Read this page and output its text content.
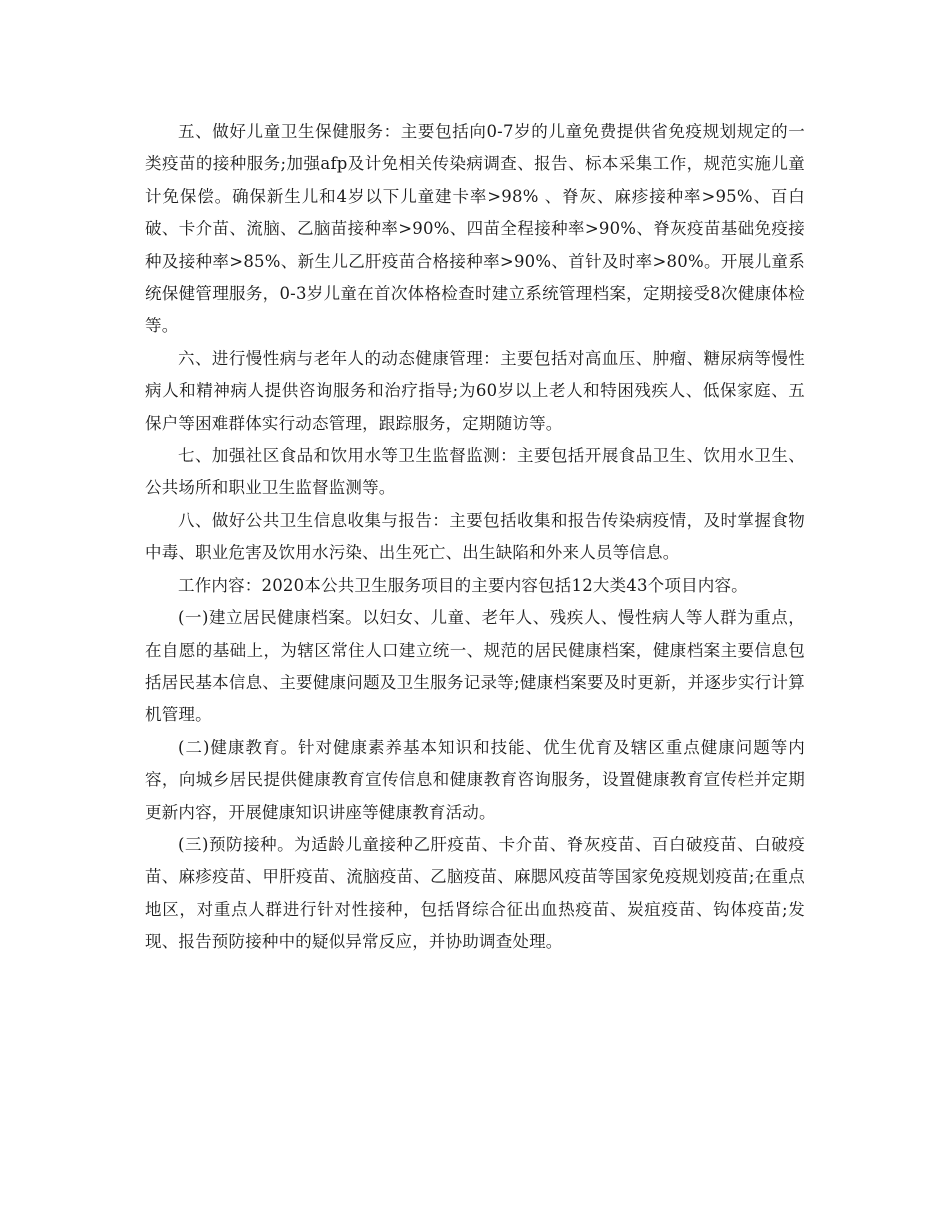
五、做好儿童卫生保健服务：主要包括向0-7岁的儿童免费提供省免疫规划规定的一类疫苗的接种服务;加强afp及计免相关传染病调查、报告、标本采集工作，规范实施儿童计免保偿。确保新生儿和4岁以下儿童建卡率>98% 、脊灰、麻疹接种率>95%、百白破、卡介苗、流脑、乙脑苗接种率>90%、四苗全程接种率>90%、脊灰疫苗基础免疫接种及接种率>85%、新生儿乙肝疫苗合格接种率>90%、首针及时率>80%。开展儿童系统保健管理服务，0-3岁儿童在首次体格检查时建立系统管理档案，定期接受8次健康体检等。

六、进行慢性病与老年人的动态健康管理：主要包括对高血压、肿瘤、糖尿病等慢性病人和精神病人提供咨询服务和治疗指导;为60岁以上老人和特困残疾人、低保家庭、五保户等困难群体实行动态管理，跟踪服务，定期随访等。

七、加强社区食品和饮用水等卫生监督监测：主要包括开展食品卫生、饮用水卫生、公共场所和职业卫生监督监测等。

八、做好公共卫生信息收集与报告：主要包括收集和报告传染病疫情，及时掌握食物中毒、职业危害及饮用水污染、出生死亡、出生缺陷和外来人员等信息。

工作内容：2020本公共卫生服务项目的主要内容包括12大类43个项目内容。

(一)建立居民健康档案。以妇女、儿童、老年人、残疾人、慢性病人等人群为重点，在自愿的基础上，为辖区常住人口建立统一、规范的居民健康档案，健康档案主要信息包括居民基本信息、主要健康问题及卫生服务记录等;健康档案要及时更新，并逐步实行计算机管理。

(二)健康教育。针对健康素养基本知识和技能、优生优育及辖区重点健康问题等内容，向城乡居民提供健康教育宣传信息和健康教育咨询服务，设置健康教育宣传栏并定期更新内容，开展健康知识讲座等健康教育活动。

(三)预防接种。为适龄儿童接种乙肝疫苗、卡介苗、脊灰疫苗、百白破疫苗、白破疫苗、麻疹疫苗、甲肝疫苗、流脑疫苗、乙脑疫苗、麻腮风疫苗等国家免疫规划疫苗;在重点地区，对重点人群进行针对性接种，包括肾综合征出血热疫苗、炭疽疫苗、钩体疫苗;发现、报告预防接种中的疑似异常反应，并协助调查处理。
